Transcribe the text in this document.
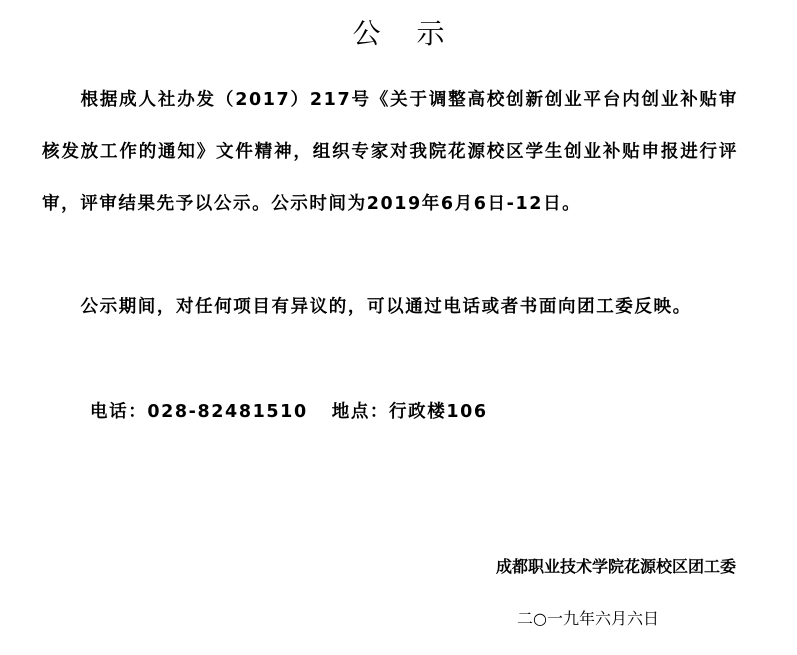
公示
根据成人社办发（2017）217号《关于调整高校创新创业平台内创业补贴审核发放工作的通知》文件精神，组织专家对我院花源校区学生创业补贴申报进行评审，评审结果先予以公示。公示时间为2019年6月6日-12日。
公示期间，对任何项目有异议的，可以通过电话或者书面向团工委反映。
电话：028-82481510 地点：行政楼106
成都职业技术学院花源校区团工委
二○一九年六月六日
